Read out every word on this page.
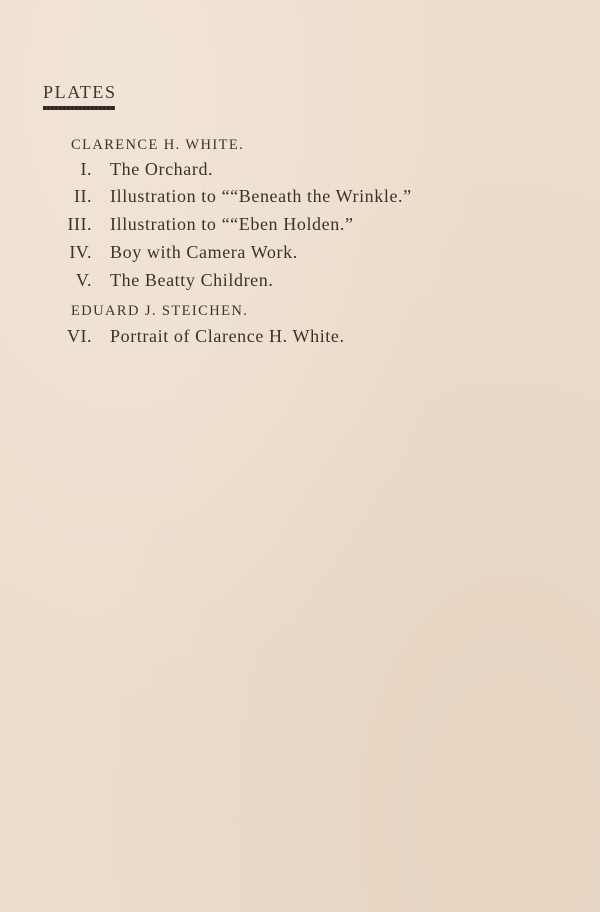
PLATES
CLARENCE H. WHITE.
I. The Orchard.
II. Illustration to ““Beneath the Wrinkle.”
III. Illustration to ““Eben Holden.”
IV. Boy with Camera Work.
V. The Beatty Children.
EDUARD J. STEICHEN.
VI. Portrait of Clarence H. White.
